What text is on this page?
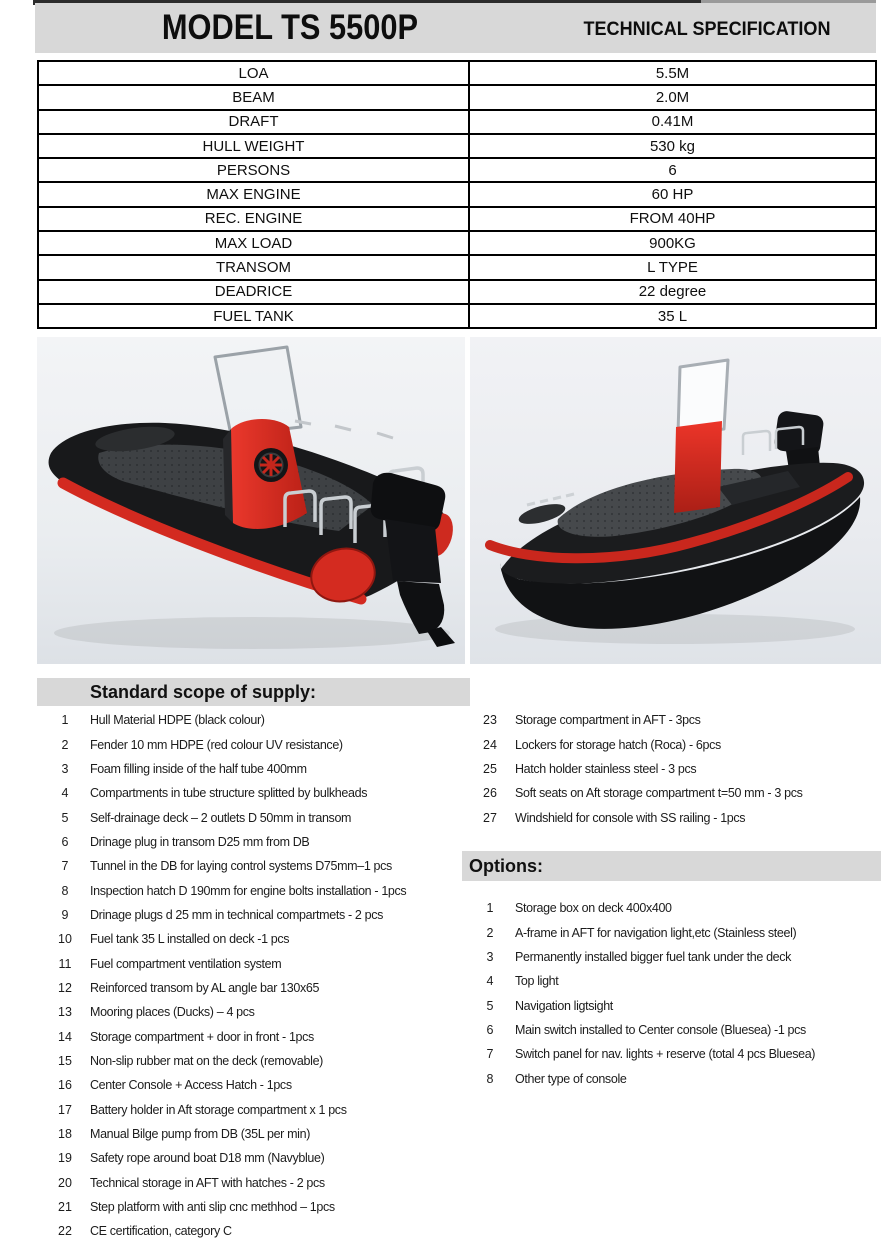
MODEL TS 5500P	TECHNICAL SPECIFICATION
LOA	5.5M
BEAM	2.0M
DRAFT	0.41M
HULL WEIGHT	530 kg
PERSONS	6
MAX ENGINE	60 HP
REC. ENGINE	FROM 40HP
MAX LOAD	900KG
TRANSOM	L TYPE
DEADRICE	22 degree
FUEL TANK	35 L
Standard scope of supply:
1	Hull Material HDPE (black colour)
2	Fender 10 mm HDPE (red colour UV resistance)
3	Foam filling inside of the half tube 400mm
4	Compartments in tube structure splitted by bulkheads
5	Self-drainage deck – 2 outlets D 50mm in transom
6	Drinage plug in transom D25 mm from DB
7	Tunnel in the DB for laying control systems D75mm–1 pcs
8	Inspection hatch D 190mm for engine bolts installation - 1pcs
9	Drinage plugs d 25 mm in technical compartmets - 2 pcs
10	Fuel tank 35 L installed on deck -1 pcs
11	Fuel compartment ventilation system
12	Reinforced transom by AL angle bar 130x65
13	Mooring places (Ducks) – 4 pcs
14	Storage compartment + door in front - 1pcs
15	Non-slip rubber mat on the deck (removable)
16	Center Console + Access Hatch - 1pcs
17	Battery holder in Aft storage compartment x 1 pcs
18	Manual Bilge pump from DB (35L per min)
19	Safety rope around boat D18 mm (Navyblue)
20	Technical storage in AFT with hatches - 2 pcs
21	Step platform with anti slip cnc methhod – 1pcs
22	CE certification, category C
23	Storage compartment in AFT - 3pcs
24	Lockers for storage hatch (Roca) - 6pcs
25	Hatch holder stainless steel - 3 pcs
26	Soft seats on Aft storage compartment t=50 mm - 3 pcs
27	Windshield for console with SS railing - 1pcs
Options:
1	Storage box on deck 400x400
2	A-frame in AFT for navigation light,etc (Stainless steel)
3	Permanently installed bigger fuel tank under the deck
4	Top light
5	Navigation ligtsight
6	Main switch installed to Center console (Bluesea) -1 pcs
7	Switch panel for nav. lights + reserve (total 4 pcs Bluesea)
8	Other type of console
